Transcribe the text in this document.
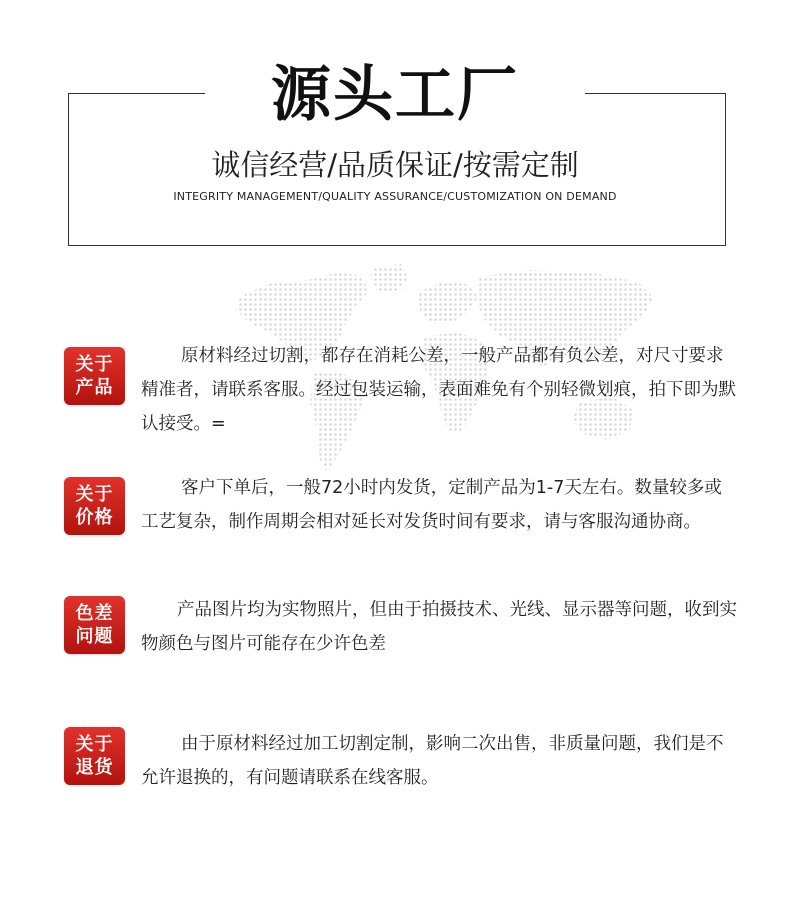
源头工厂
诚信经营/品质保证/按需定制
INTEGRITY MANAGEMENT/QUALITY ASSURANCE/CUSTOMIZATION ON DEMAND
关于
产品

原材料经过切割，都存在消耗公差，一般产品都有负公差，对尺寸要求精准者，请联系客服。经过包装运输，表面难免有个别轻微划痕，拍下即为默认接受。=

关于
价格

客户下单后，一般72小时内发货，定制产品为1-7天左右。数量较多或工艺复杂，制作周期会相对延长对发货时间有要求，请与客服沟通协商。

色差
问题

产品图片均为实物照片，但由于拍摄技术、光线、显示器等问题，收到实物颜色与图片可能存在少许色差

关于
退货

由于原材料经过加工切割定制，影响二次出售，非质量问题，我们是不允许退换的，有问题请联系在线客服。
